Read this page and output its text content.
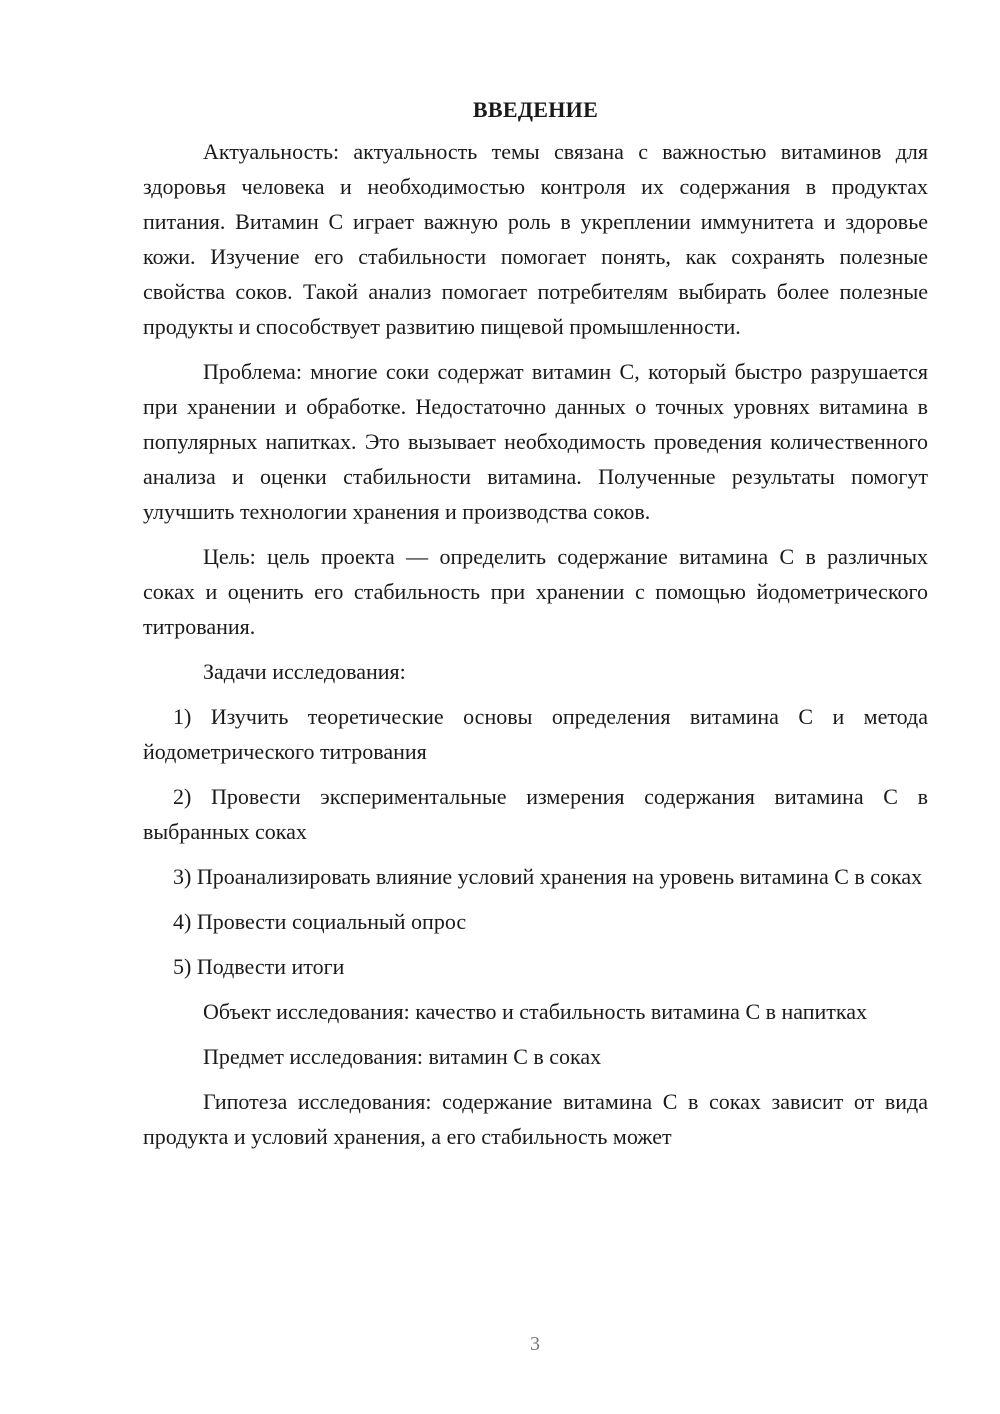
ВВЕДЕНИЕ

Актуальность: актуальность темы связана с важностью витаминов для здоровья человека и необходимостью контроля их содержания в продуктах питания. Витамин С играет важную роль в укреплении иммунитета и здоровье кожи. Изучение его стабильности помогает понять, как сохранять полезные свойства соков. Такой анализ помогает потребителям выбирать более полезные продукты и способствует развитию пищевой промышленности.

Проблема: многие соки содержат витамин С, который быстро разрушается при хранении и обработке. Недостаточно данных о точных уровнях витамина в популярных напитках. Это вызывает необходимость проведения количественного анализа и оценки стабильности витамина. Полученные результаты помогут улучшить технологии хранения и производства соков.

Цель: цель проекта — определить содержание витамина С в различных соках и оценить его стабильность при хранении с помощью йодометрического титрования.

Задачи исследования:

1) Изучить теоретические основы определения витамина С и метода йодометрического титрования

2) Провести экспериментальные измерения содержания витамина С в выбранных соках

3) Проанализировать влияние условий хранения на уровень витамина С в соках

4) Провести социальный опрос

5) Подвести итоги

Объект исследования: качество и стабильность витамина С в напитках

Предмет исследования: витамин С в соках

Гипотеза исследования: содержание витамина С в соках зависит от вида продукта и условий хранения, а его стабильность может

3
